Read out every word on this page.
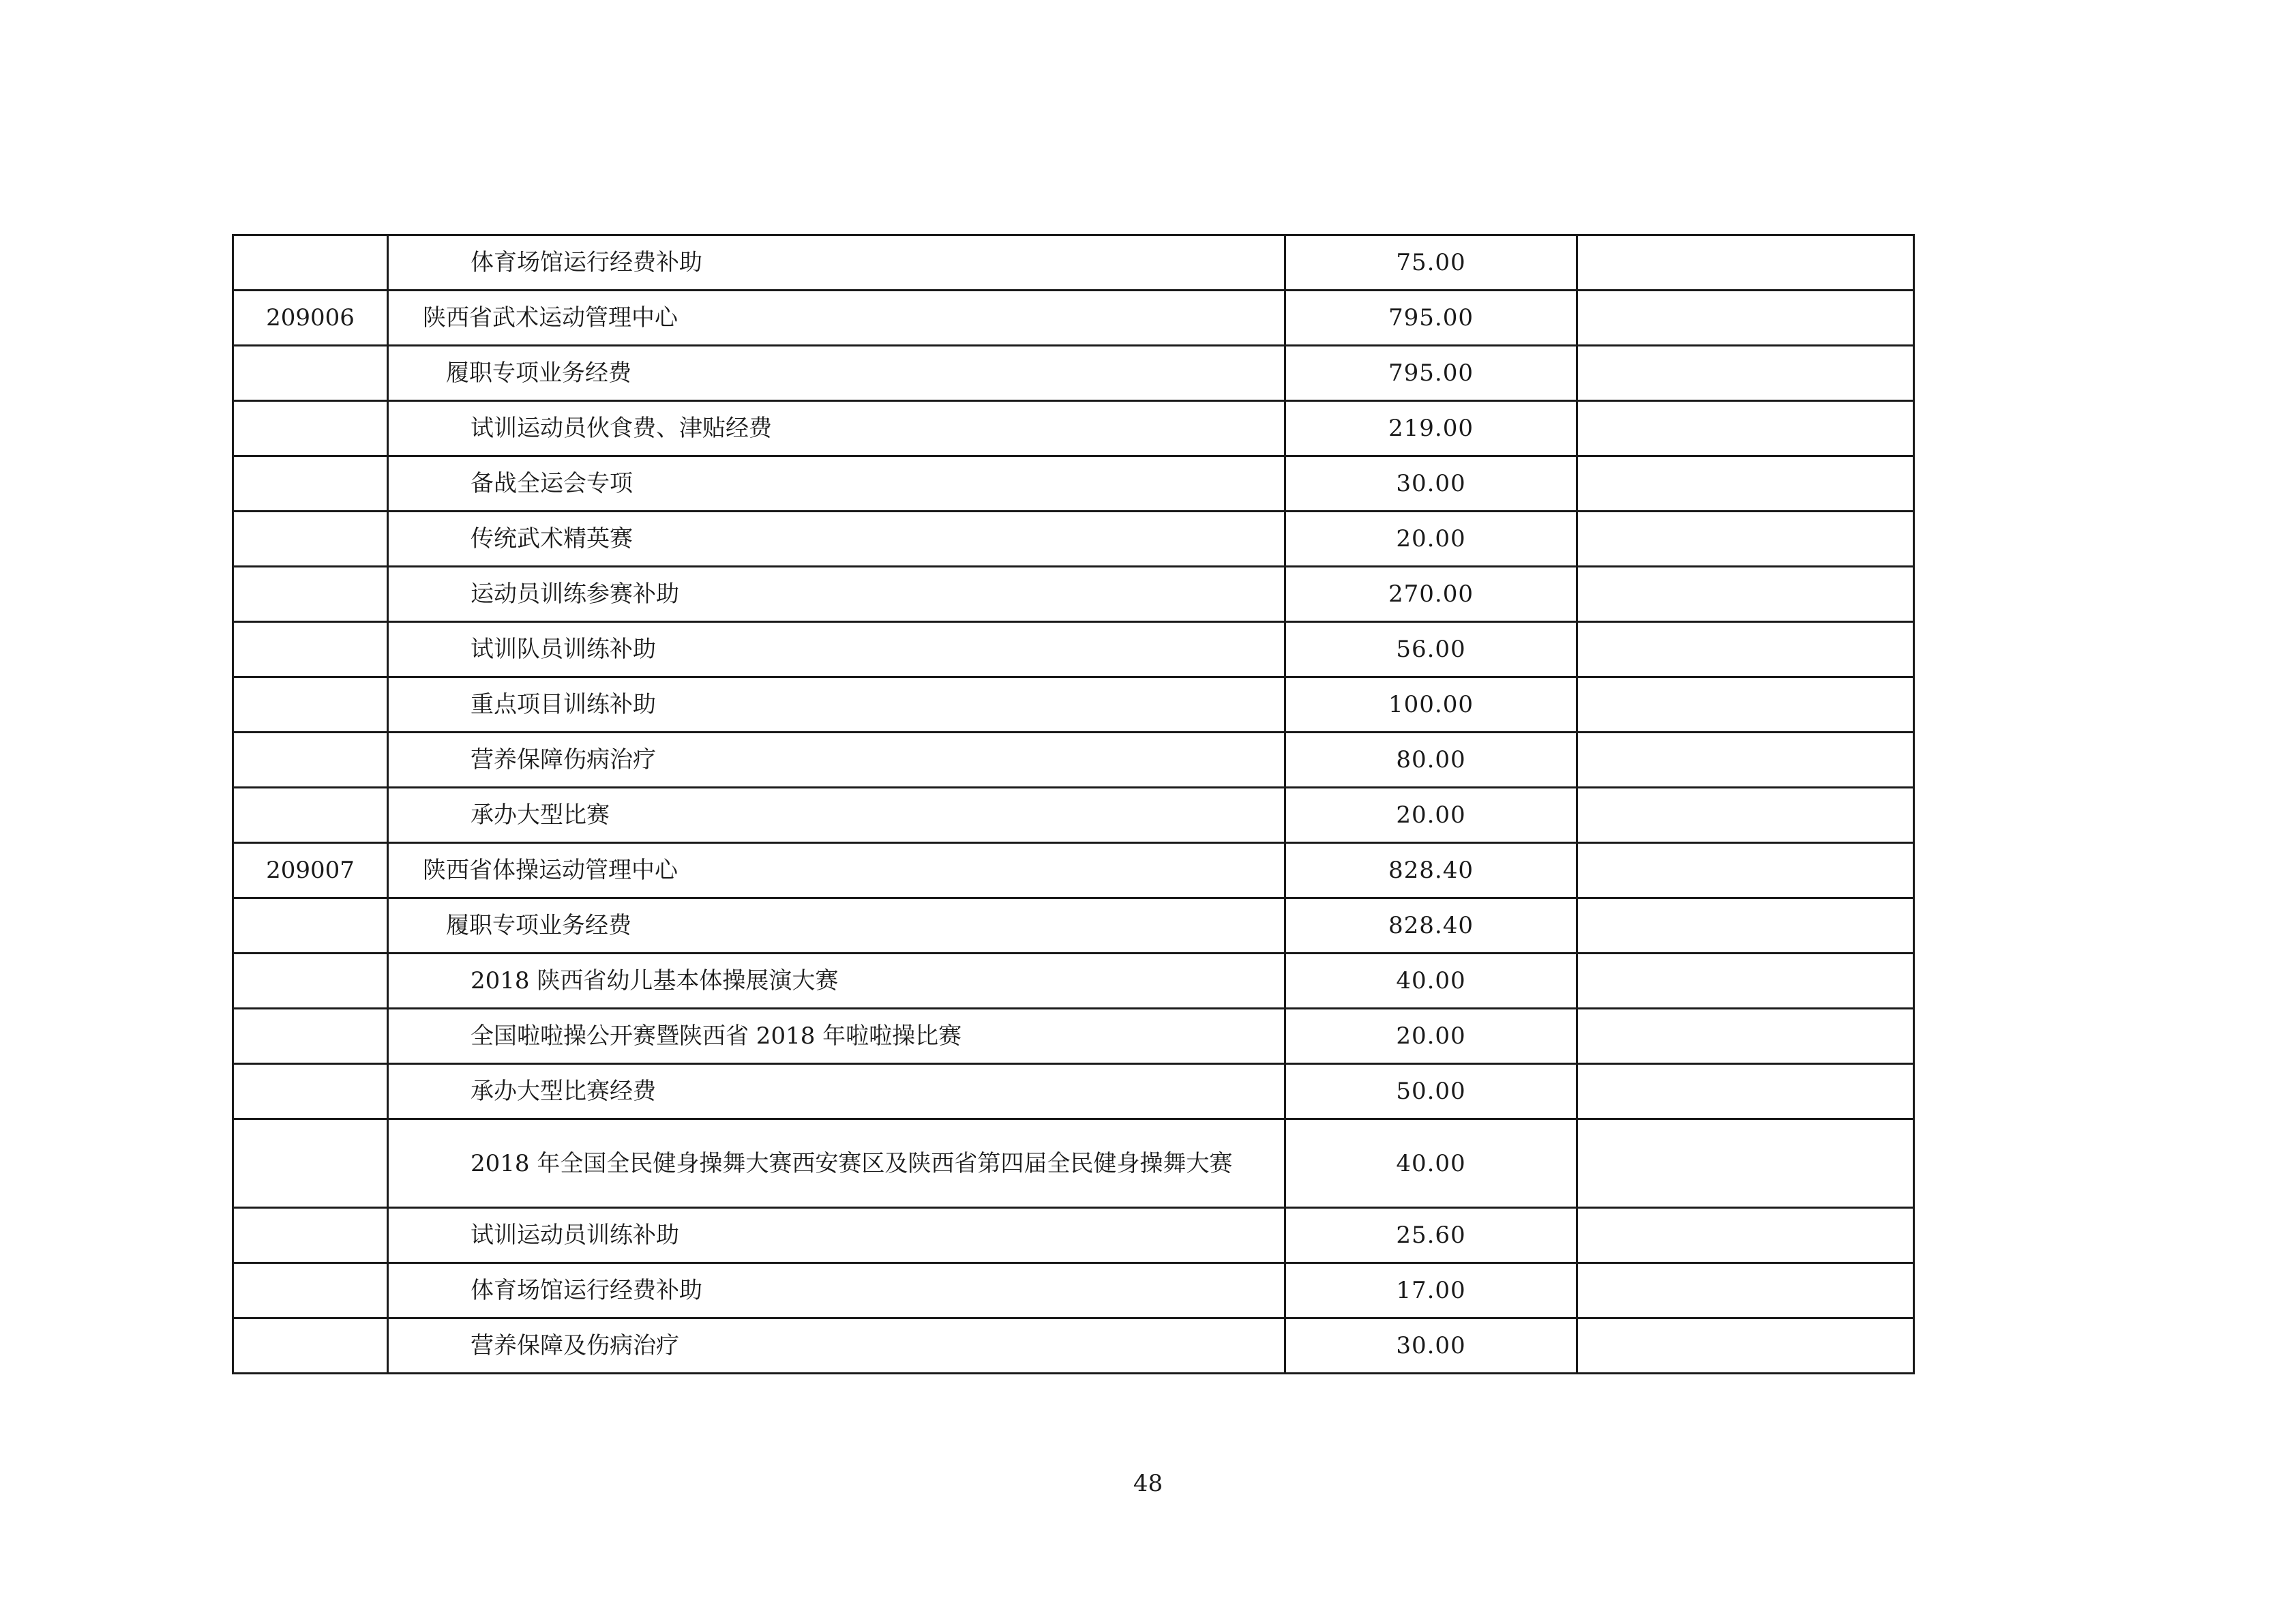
	体育场馆运行经费补助	75.00	
209006	陕西省武术运动管理中心	795.00	

	履职专项业务经费	795.00	

	试训运动员伙食费、津贴经费	219.00	

	备战全运会专项	30.00	

	传统武术精英赛	20.00	

	运动员训练参赛补助	270.00	

	试训队员训练补助	56.00	

	重点项目训练补助	100.00	

	营养保障伤病治疗	80.00	

	承办大型比赛	20.00	
209007	陕西省体操运动管理中心	828.40	

	履职专项业务经费	828.40	

	2018 陕西省幼儿基本体操展演大赛	40.00	

	全国啦啦操公开赛暨陕西省 2018 年啦啦操比赛	20.00	

	承办大型比赛经费	50.00	

	2018 年全国全民健身操舞大赛西安赛区及陕西省第四届全民健身操舞大赛	40.00	

	试训运动员训练补助	25.60	

	体育场馆运行经费补助	17.00	

	营养保障及伤病治疗	30.00	
48
